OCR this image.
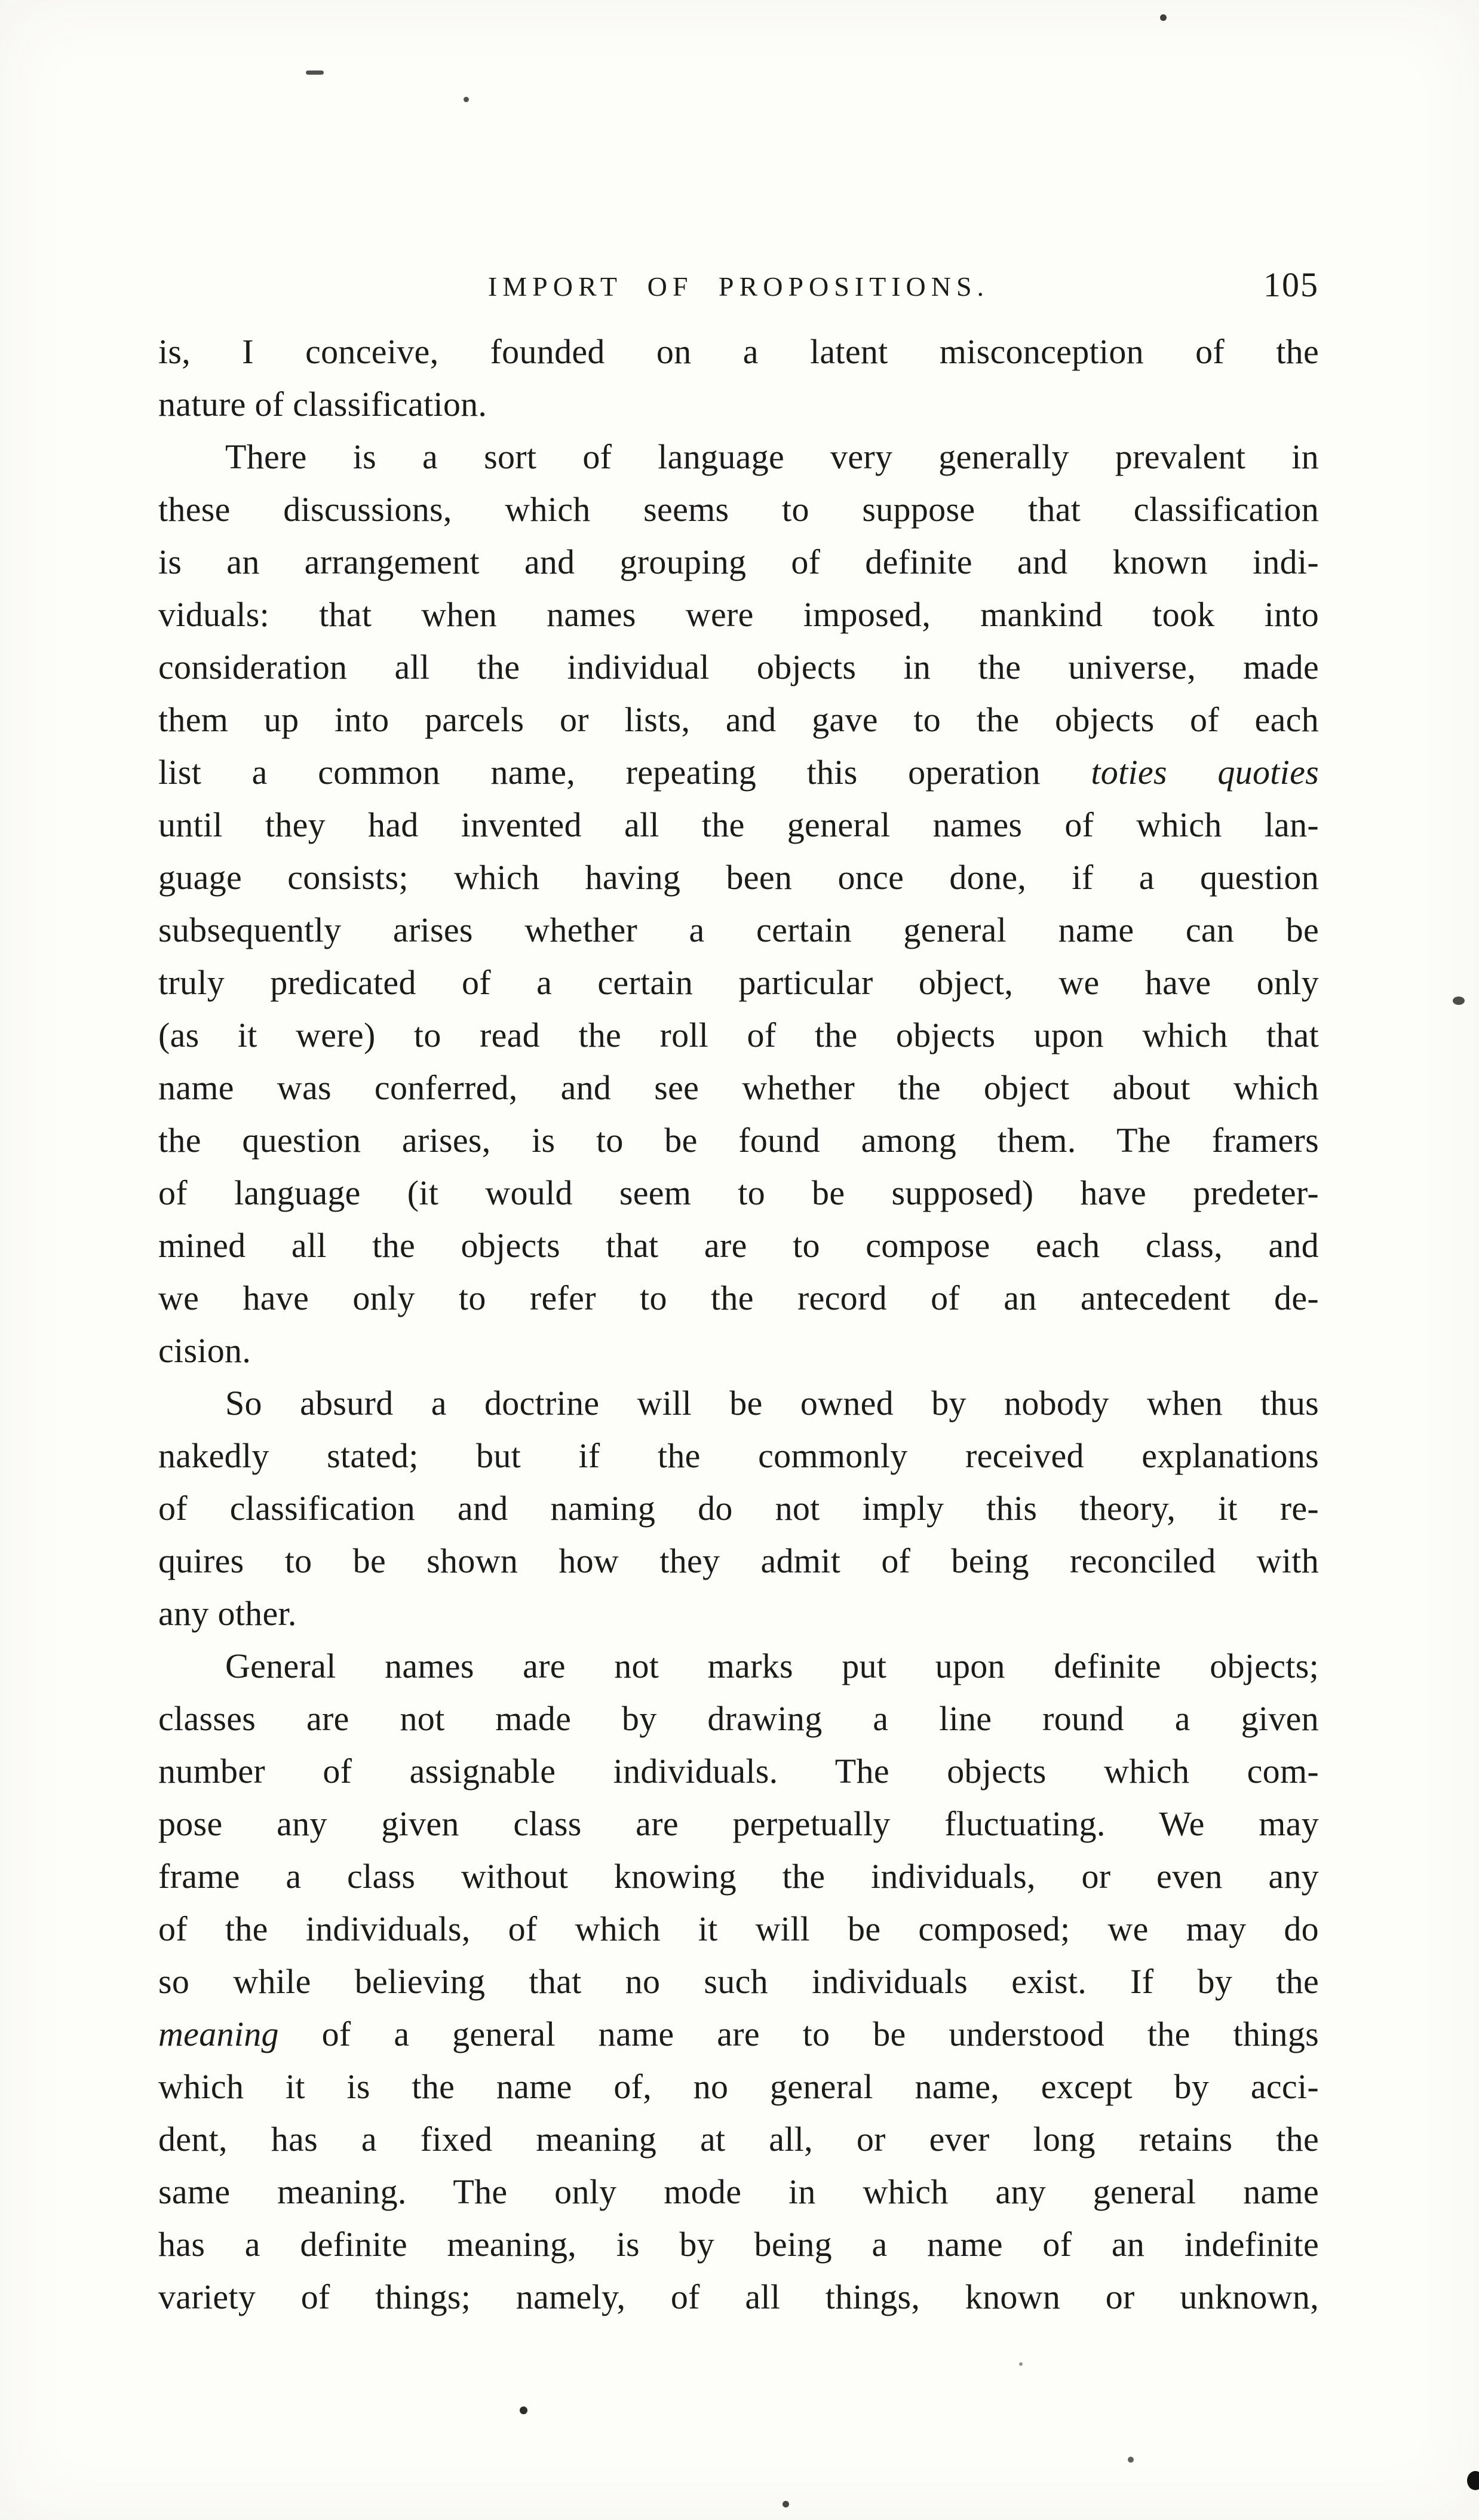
IMPORT OF PROPOSITIONS.	105
is, I conceive, founded on a latent misconception of the
nature of classification.
There is a sort of language very generally prevalent in
these discussions, which seems to suppose that classification
is an arrangement and grouping of definite and known indi-
viduals: that when names were imposed, mankind took into
consideration all the individual objects in the universe, made
them up into parcels or lists, and gave to the objects of each
list a common name, repeating this operation toties quoties
until they had invented all the general names of which lan-
guage consists; which having been once done, if a question
subsequently arises whether a certain general name can be
truly predicated of a certain particular object, we have only
(as it were) to read the roll of the objects upon which that
name was conferred, and see whether the object about which
the question arises, is to be found among them. The framers
of language (it would seem to be supposed) have predeter-
mined all the objects that are to compose each class, and
we have only to refer to the record of an antecedent de-
cision.
So absurd a doctrine will be owned by nobody when thus
nakedly stated; but if the commonly received explanations
of classification and naming do not imply this theory, it re-
quires to be shown how they admit of being reconciled with
any other.
General names are not marks put upon definite objects;
classes are not made by drawing a line round a given
number of assignable individuals. The objects which com-
pose any given class are perpetually fluctuating. We may
frame a class without knowing the individuals, or even any
of the individuals, of which it will be composed; we may do
so while believing that no such individuals exist. If by the
meaning of a general name are to be understood the things
which it is the name of, no general name, except by acci-
dent, has a fixed meaning at all, or ever long retains the
same meaning. The only mode in which any general name
has a definite meaning, is by being a name of an indefinite
variety of things; namely, of all things, known or unknown,
